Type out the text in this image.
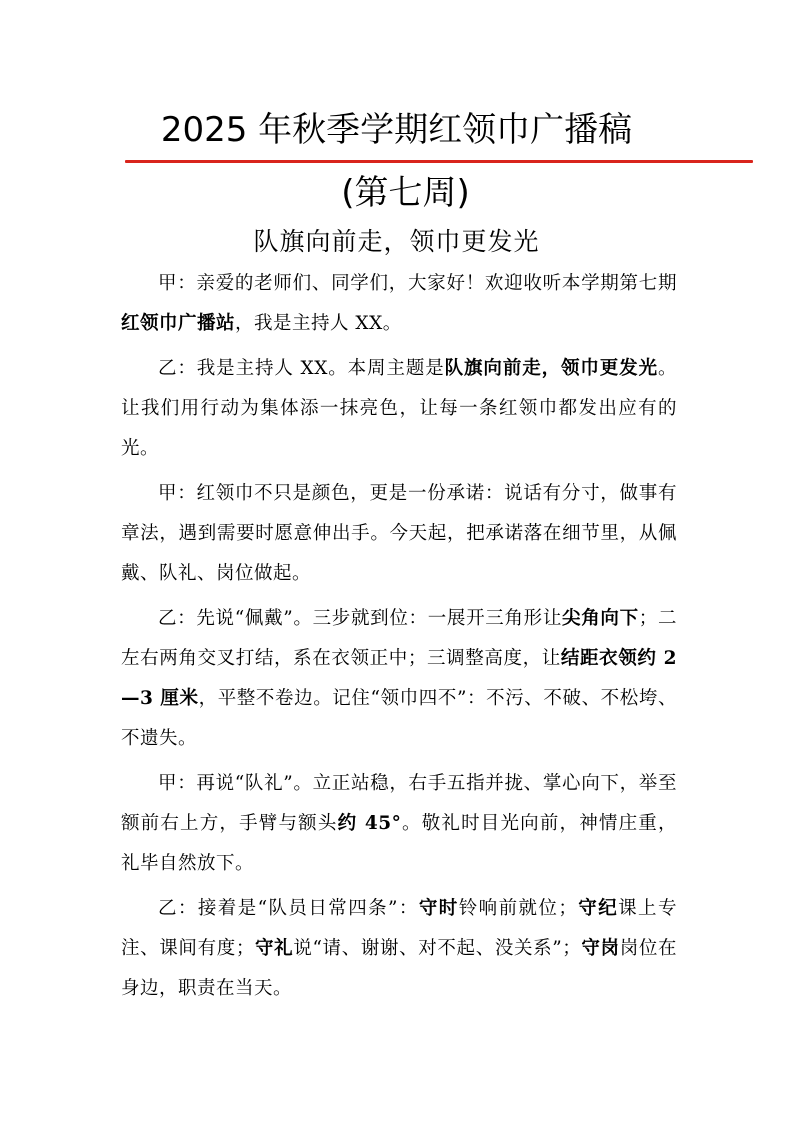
2025 年秋季学期红领巾广播稿
(第七周)
队旗向前走，领巾更发光

甲：亲爱的老师们、同学们，大家好！欢迎收听本学期第七期红领巾广播站，我是主持人 XX。

乙：我是主持人 XX。本周主题是队旗向前走，领巾更发光。让我们用行动为集体添一抹亮色，让每一条红领巾都发出应有的光。

甲：红领巾不只是颜色，更是一份承诺：说话有分寸，做事有章法，遇到需要时愿意伸出手。今天起，把承诺落在细节里，从佩戴、队礼、岗位做起。

乙：先说“佩戴”。三步就到位：一展开三角形让尖角向下；二左右两角交叉打结，系在衣领正中；三调整高度，让结距衣领约 2—3 厘米，平整不卷边。记住“领巾四不”：不污、不破、不松垮、不遗失。

甲：再说“队礼”。立正站稳，右手五指并拢、掌心向下，举至额前右上方，手臂与额头约 45°。敬礼时目光向前，神情庄重，礼毕自然放下。

乙：接着是“队员日常四条”：守时铃响前就位；守纪课上专注、课间有度；守礼说“请、谢谢、对不起、没关系”；守岗岗位在身边，职责在当天。
